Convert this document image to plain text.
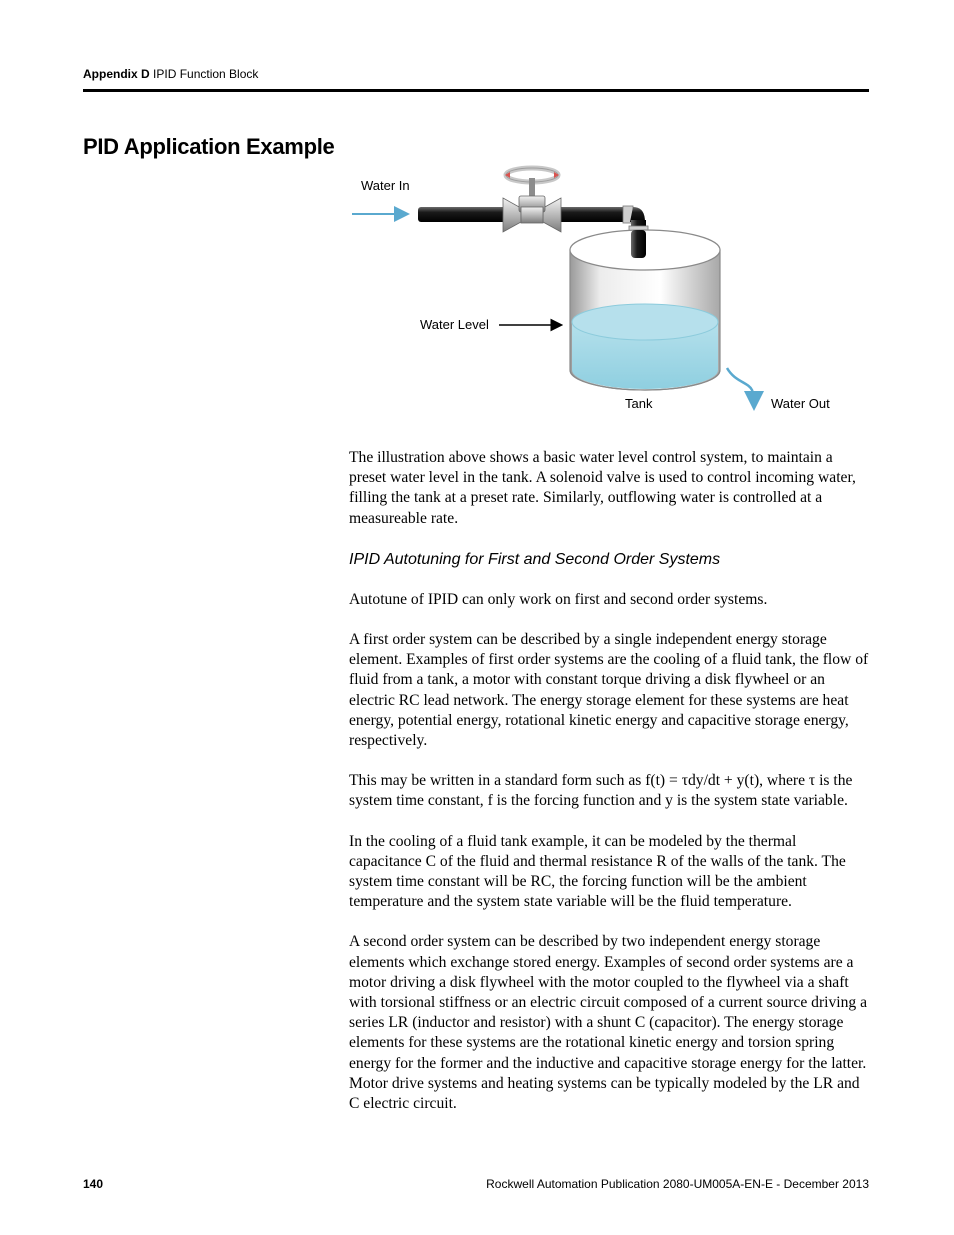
Appendix D IPID Function Block
PID Application Example
Water In
Water Level
Tank	Water Out

The illustration above shows a basic water level control system, to maintain a preset water level in the tank. A solenoid valve is used to control incoming water, filling the tank at a preset rate. Similarly, outflowing water is controlled at a measureable rate.

IPID Autotuning for First and Second Order Systems

Autotune of IPID can only work on first and second order systems.

A first order system can be described by a single independent energy storage element. Examples of first order systems are the cooling of a fluid tank, the flow of fluid from a tank, a motor with constant torque driving a disk flywheel or an electric RC lead network. The energy storage element for these systems are heat energy, potential energy, rotational kinetic energy and capacitive storage energy, respectively.

This may be written in a standard form such as f(t) = τdy/dt + y(t), where τ is the system time constant, f is the forcing function and y is the system state variable.

In the cooling of a fluid tank example, it can be modeled by the thermal capacitance C of the fluid and thermal resistance R of the walls of the tank. The system time constant will be RC, the forcing function will be the ambient temperature and the system state variable will be the fluid temperature.

A second order system can be described by two independent energy storage elements which exchange stored energy. Examples of second order systems are a motor driving a disk flywheel with the motor coupled to the flywheel via a shaft with torsional stiffness or an electric circuit composed of a current source driving a series LR (inductor and resistor) with a shunt C (capacitor). The energy storage elements for these systems are the rotational kinetic energy and torsion spring energy for the former and the inductive and capacitive storage energy for the latter. Motor drive systems and heating systems can be typically modeled by the LR and C electric circuit.

140	Rockwell Automation Publication 2080-UM005A-EN-E - December 2013
